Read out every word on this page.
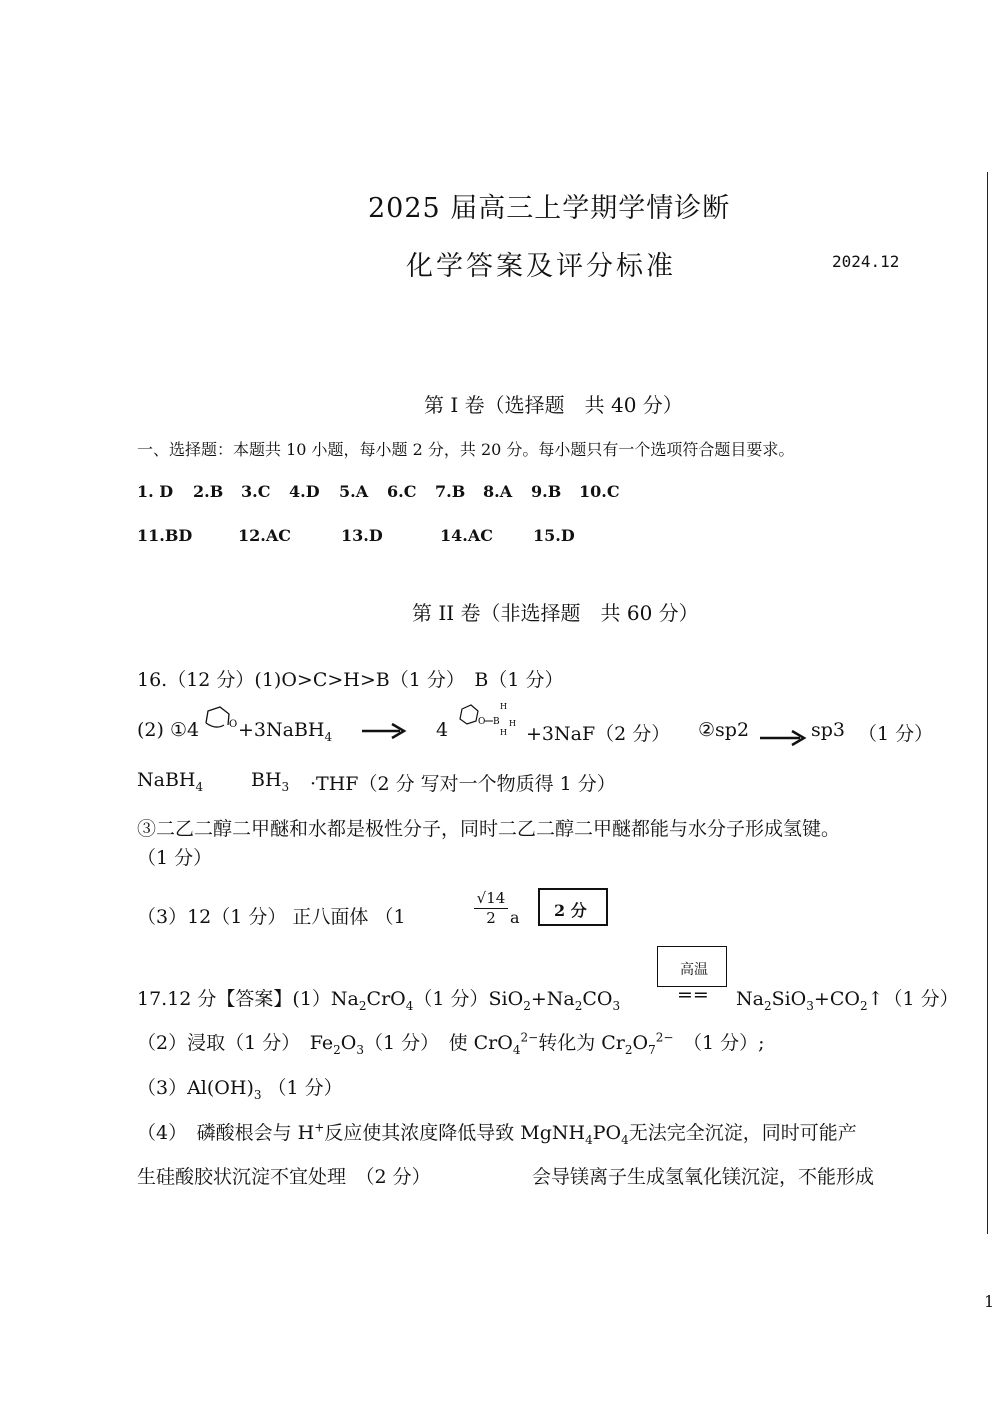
2025 届高三上学期学情诊断
化学答案及评分标准	2024.12
第 I 卷（选择题　共 40 分）
一、选择题：本题共 10 小题，每小题 2 分，共 20 分。每小题只有一个选项符合题目要求。
1. D 2.B 3.C 4.D 5.A 6.C 7.B 8.A 9.B 10.C
11.BD	12.AC	13.D	14.AC	15.D
第 II 卷（非选择题　共 60 分）
16.（12 分）(1)O>C>H>B（1 分）　B（1 分）
(2) ①4	O +3NaBH$_4$	4	O B
H
H
H +3NaF（2 分） ②sp2	sp3 （1 分）
NaBH$_4$	$BH_3 \cdot THF(2$ 分 写对一个物质得 1 分）
③二乙二醇二甲醚和水都是极性分子，同时二乙二醇二甲醚都能与水分子形成氢键。
（1 分）
（3）12（1 分） 正八面体 （1	$\frac{√14}{2}$ a 2 分
高温
17.12 分【答案】$(1)Na_2CrO_4(1$ 分）$SiO_2+Na_2CO_3$	== $Na_2SiO_3+CO_2↑(1$ 分）
（2）浸取（1 分）　$Fe_2O_3(1$ 分）　使 CrO$_4^{2-}$转化为 $Cr_2O_7^{2-}$　 （1 分）;
$(3)Al(OH)_3$ （1 分）
（4）　磷酸根会与 H+反应使其浓度降低导致 $MgNH_4PO_4$无法完全沉淀，同时可能产
生硅酸胶状沉淀不宜处理　（2 分）	会导镁离子生成氢氧化镁沉淀，不能形成
1
